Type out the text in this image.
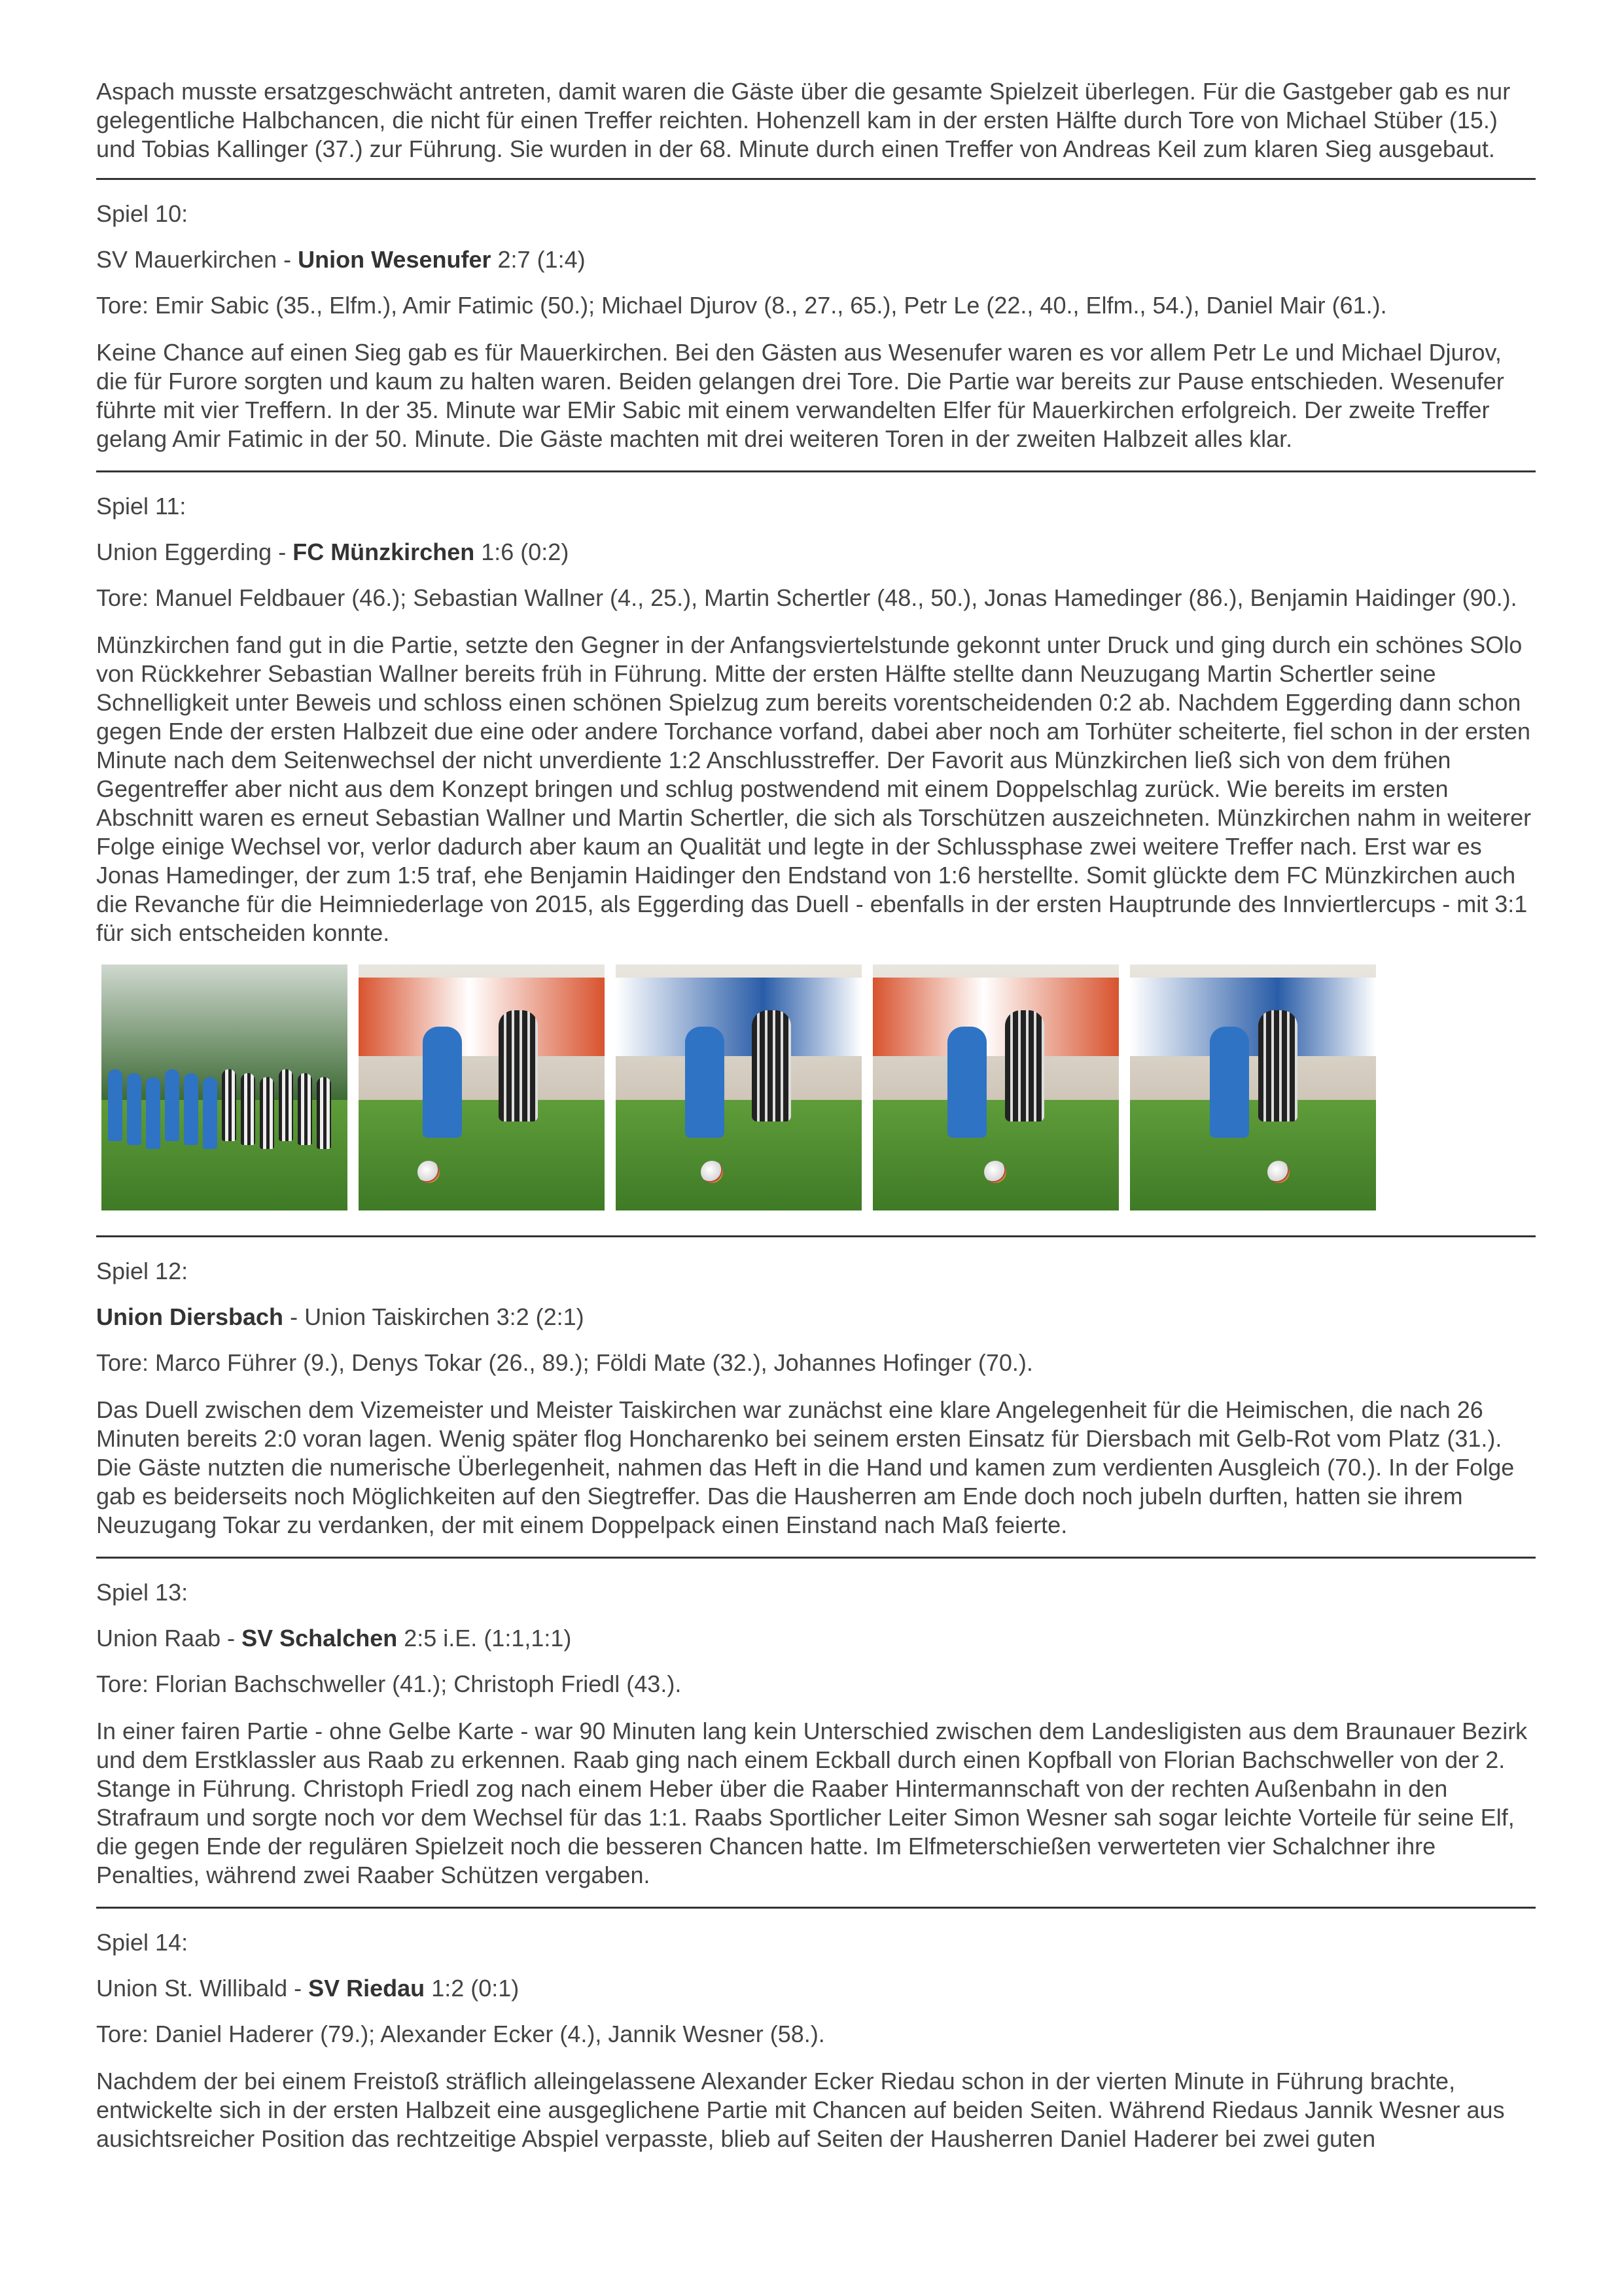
Aspach musste ersatzgeschwächt antreten, damit waren die Gäste über die gesamte Spielzeit überlegen. Für die Gastgeber gab es nur gelegentliche Halbchancen, die nicht für einen Treffer reichten. Hohenzell kam in der ersten Hälfte durch Tore von Michael Stüber (15.) und Tobias Kallinger (37.) zur Führung. Sie wurden in der 68. Minute durch einen Treffer von Andreas Keil zum klaren Sieg ausgebaut.

Spiel 10:

SV Mauerkirchen - Union Wesenufer 2:7 (1:4)

Tore: Emir Sabic (35., Elfm.), Amir Fatimic (50.); Michael Djurov (8., 27., 65.), Petr Le (22., 40., Elfm., 54.), Daniel Mair (61.).

Keine Chance auf einen Sieg gab es für Mauerkirchen. Bei den Gästen aus Wesenufer waren es vor allem Petr Le und Michael Djurov, die für Furore sorgten und kaum zu halten waren. Beiden gelangen drei Tore. Die Partie war bereits zur Pause entschieden. Wesenufer führte mit vier Treffern. In der 35. Minute war EMir Sabic mit einem verwandelten Elfer für Mauerkirchen erfolgreich. Der zweite Treffer gelang Amir Fatimic in der 50. Minute. Die Gäste machten mit drei weiteren Toren in der zweiten Halbzeit alles klar.

Spiel 11:

Union Eggerding - FC Münzkirchen 1:6 (0:2)

Tore: Manuel Feldbauer (46.); Sebastian Wallner (4., 25.), Martin Schertler (48., 50.), Jonas Hamedinger (86.), Benjamin Haidinger (90.).

Münzkirchen fand gut in die Partie, setzte den Gegner in der Anfangsviertelstunde gekonnt unter Druck und ging durch ein schönes SOlo von Rückkehrer Sebastian Wallner bereits früh in Führung. Mitte der ersten Hälfte stellte dann Neuzugang Martin Schertler seine Schnelligkeit unter Beweis und schloss einen schönen Spielzug zum bereits vorentscheidenden 0:2 ab. Nachdem Eggerding dann schon gegen Ende der ersten Halbzeit due eine oder andere Torchance vorfand, dabei aber noch am Torhüter scheiterte, fiel schon in der ersten Minute nach dem Seitenwechsel der nicht unverdiente 1:2 Anschlusstreffer. Der Favorit aus Münzkirchen ließ sich von dem frühen Gegentreffer aber nicht aus dem Konzept bringen und schlug postwendend mit einem Doppelschlag zurück. Wie bereits im ersten Abschnitt waren es erneut Sebastian Wallner und Martin Schertler, die sich als Torschützen auszeichneten. Münzkirchen nahm in weiterer Folge einige Wechsel vor, verlor dadurch aber kaum an Qualität und legte in der Schlussphase zwei weitere Treffer nach. Erst war es Jonas Hamedinger, der zum 1:5 traf, ehe Benjamin Haidinger den Endstand von 1:6 herstellte. Somit glückte dem FC Münzkirchen auch die Revanche für die Heimniederlage von 2015, als Eggerding das Duell - ebenfalls in der ersten Hauptrunde des Innviertlercups - mit 3:1 für sich entscheiden konnte.

Spiel 12:

Union Diersbach - Union Taiskirchen 3:2 (2:1)

Tore: Marco Führer (9.), Denys Tokar (26., 89.); Földi Mate (32.), Johannes Hofinger (70.).

Das Duell zwischen dem Vizemeister und Meister Taiskirchen war zunächst eine klare Angelegenheit für die Heimischen, die nach 26 Minuten bereits 2:0 voran lagen. Wenig später flog Honcharenko bei seinem ersten Einsatz für Diersbach mit Gelb-Rot vom Platz (31.). Die Gäste nutzten die numerische Überlegenheit, nahmen das Heft in die Hand und kamen zum verdienten Ausgleich (70.). In der Folge gab es beiderseits noch Möglichkeiten auf den Siegtreffer. Das die Hausherren am Ende doch noch jubeln durften, hatten sie ihrem Neuzugang Tokar zu verdanken, der mit einem Doppelpack einen Einstand nach Maß feierte.

Spiel 13:

Union Raab - SV Schalchen 2:5 i.E. (1:1,1:1)

Tore: Florian Bachschweller (41.); Christoph Friedl (43.).

In einer fairen Partie - ohne Gelbe Karte - war 90 Minuten lang kein Unterschied zwischen dem Landesligisten aus dem Braunauer Bezirk und dem Erstklassler aus Raab zu erkennen. Raab ging nach einem Eckball durch einen Kopfball von Florian Bachschweller von der 2. Stange in Führung. Christoph Friedl zog nach einem Heber über die Raaber Hintermannschaft von der rechten Außenbahn in den Strafraum und sorgte noch vor dem Wechsel für das 1:1. Raabs Sportlicher Leiter Simon Wesner sah sogar leichte Vorteile für seine Elf, die gegen Ende der regulären Spielzeit noch die besseren Chancen hatte. Im Elfmeterschießen verwerteten vier Schalchner ihre Penalties, während zwei Raaber Schützen vergaben.

Spiel 14:

Union St. Willibald - SV Riedau 1:2 (0:1)

Tore: Daniel Haderer (79.); Alexander Ecker (4.), Jannik Wesner (58.).

Nachdem der bei einem Freistoß sträflich alleingelassene Alexander Ecker Riedau schon in der vierten Minute in Führung brachte, entwickelte sich in der ersten Halbzeit eine ausgeglichene Partie mit Chancen auf beiden Seiten. Während Riedaus Jannik Wesner aus ausichtsreicher Position das rechtzeitige Abspiel verpasste, blieb auf Seiten der Hausherren Daniel Haderer bei zwei guten
